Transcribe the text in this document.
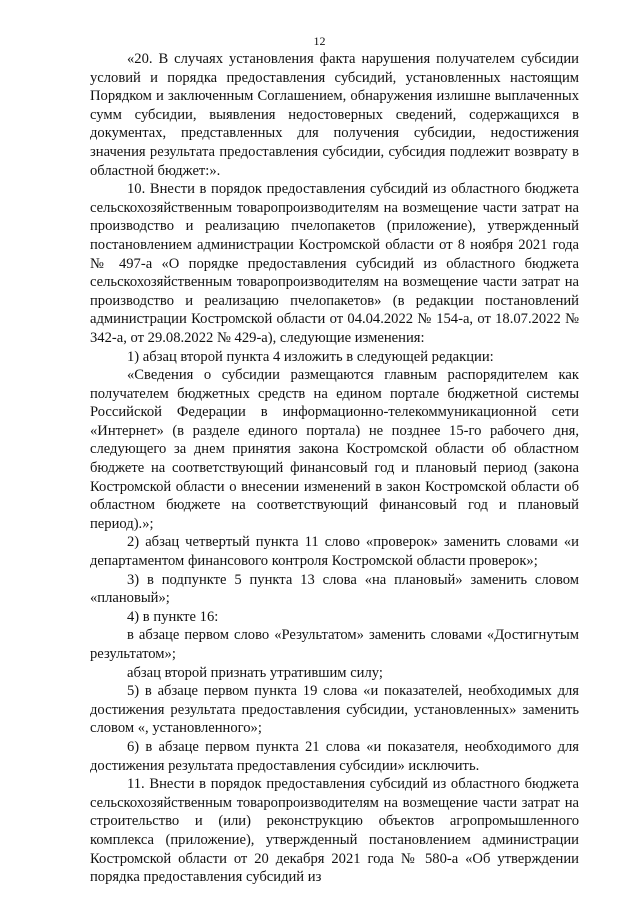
12

«20. В случаях установления факта нарушения получателем субсидии условий и порядка предоставления субсидий, установленных настоящим Порядком и заключенным Соглашением, обнаружения излишне выплаченных сумм субсидии, выявления недостоверных сведений, содержащихся в документах, представленных для получения субсидии, недостижения значения результата предоставления субсидии, субсидия подлежит возврату в областной бюджет:».

10. Внести в порядок предоставления субсидий из областного бюджета сельскохозяйственным товаропроизводителям на возмещение части затрат на производство и реализацию пчелопакетов (приложение), утвержденный постановлением администрации Костромской области от 8 ноября 2021 года № 497-а «О порядке предоставления субсидий из областного бюджета сельскохозяйственным товаропроизводителям на возмещение части затрат на производство и реализацию пчелопакетов» (в редакции постановлений администрации Костромской области от 04.04.2022 № 154-а, от 18.07.2022 № 342-а, от 29.08.2022 № 429-а), следующие изменения:

1) абзац второй пункта 4 изложить в следующей редакции:

«Сведения о субсидии размещаются главным распорядителем как получателем бюджетных средств на едином портале бюджетной системы Российской Федерации в информационно-телекоммуникационной сети «Интернет» (в разделе единого портала) не позднее 15-го рабочего дня, следующего за днем принятия закона Костромской области об областном бюджете на соответствующий финансовый год и плановый период (закона Костромской области о внесении изменений в закон Костромской области об областном бюджете на соответствующий финансовый год и плановый период).»;

2) абзац четвертый пункта 11 слово «проверок» заменить словами «и департаментом финансового контроля Костромской области проверок»;

3) в подпункте 5 пункта 13 слова «на плановый» заменить словом «плановый»;

4) в пункте 16:

в абзаце первом слово «Результатом» заменить словами «Достигнутым результатом»;

абзац второй признать утратившим силу;

5) в абзаце первом пункта 19 слова «и показателей, необходимых для достижения результата предоставления субсидии, установленных» заменить словом «, установленного»;

6) в абзаце первом пункта 21 слова «и показателя, необходимого для достижения результата предоставления субсидии» исключить.

11. Внести в порядок предоставления субсидий из областного бюджета сельскохозяйственным товаропроизводителям на возмещение части затрат на строительство и (или) реконструкцию объектов агропромышленного комплекса (приложение), утвержденный постановлением администрации Костромской области от 20 декабря 2021 года № 580-а «Об утверждении порядка предоставления субсидий из
